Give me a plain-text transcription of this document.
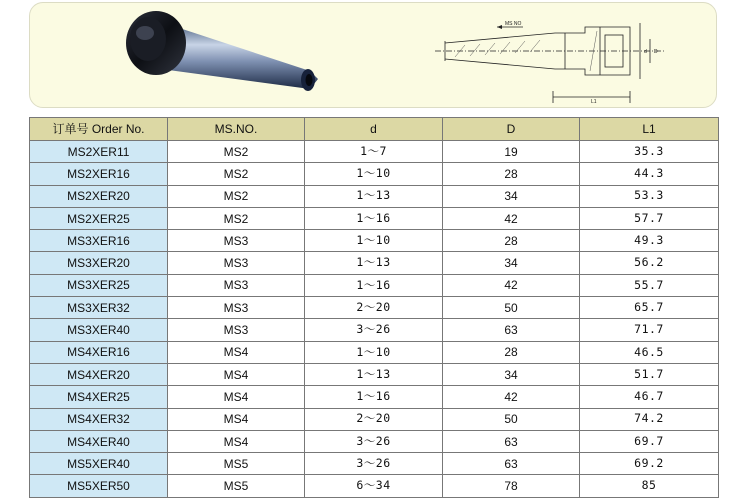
MS NO
L1
d D
订单号 Order No.	MS.NO.	d	D	L1
MS2XER11	MS2	1～7	19	35.3
MS2XER16	MS2	1～10	28	44.3
MS2XER20	MS2	1～13	34	53.3
MS2XER25	MS2	1～16	42	57.7
MS3XER16	MS3	1～10	28	49.3
MS3XER20	MS3	1～13	34	56.2
MS3XER25	MS3	1～16	42	55.7
MS3XER32	MS3	2～20	50	65.7
MS3XER40	MS3	3～26	63	71.7
MS4XER16	MS4	1～10	28	46.5
MS4XER20	MS4	1～13	34	51.7
MS4XER25	MS4	1～16	42	46.7
MS4XER32	MS4	2～20	50	74.2
MS4XER40	MS4	3～26	63	69.7
MS5XER40	MS5	3～26	63	69.2
MS5XER50	MS5	6～34	78	85
